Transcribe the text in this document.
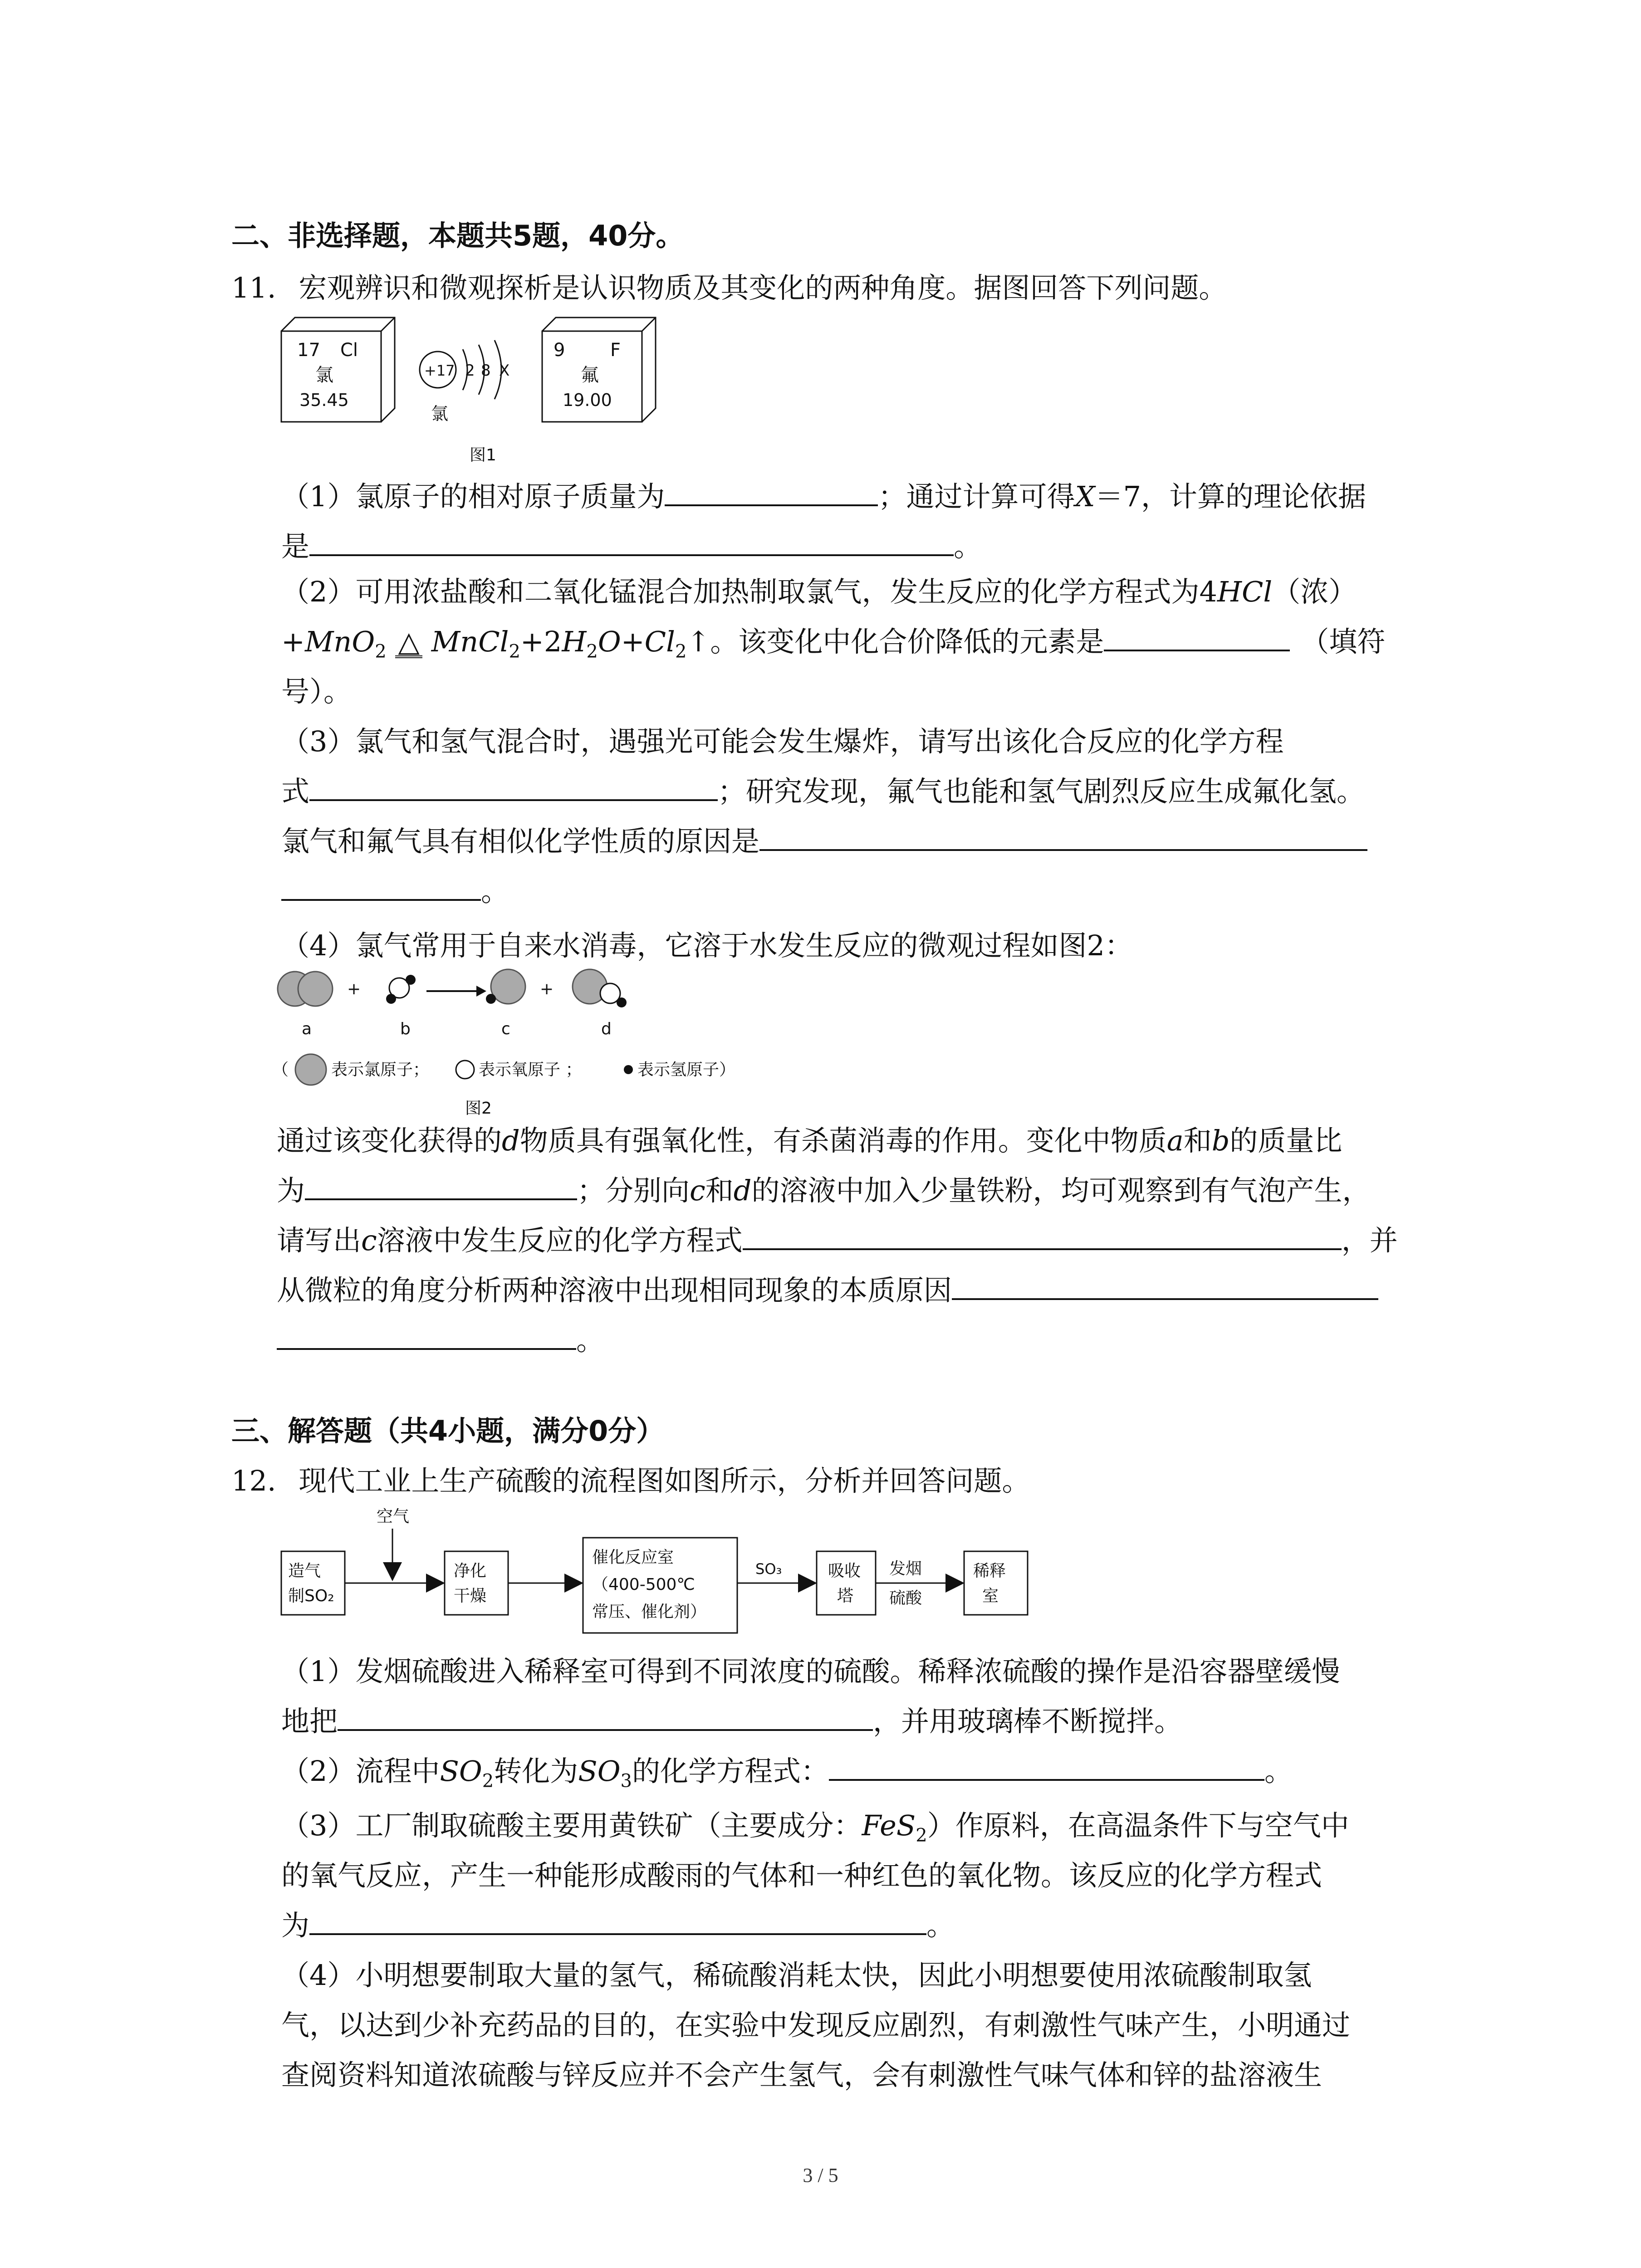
二、非选择题，本题共5题，40分。
11. 宏观辨识和微观探析是认识物质及其变化的两种角度。据图回答下列问题。
17 Cl
氯
35.45
+17 2 8 X
氯
9 F
氟
19.00
图1
（1）氯原子的相对原子质量为	；通过计算可得X＝7，计算的理论依据
是	。
（2）可用浓盐酸和二氧化锰混合加热制取氯气，发生反应的化学方程式为4HCl（浓）
+MnO$_2$ △ $MnCl_2+2H_2O+Cl_2↑$。该变化中化合价降低的元素是	（填符
号）。
（3）氯气和氢气混合时，遇强光可能会发生爆炸，请写出该化合反应的化学方程
式	；研究发现，氟气也能和氢气剧烈反应生成氟化氢。
氯气和氟气具有相似化学性质的原因是
。
（4）氯气常用于自来水消毒，它溶于水发生反应的微观过程如图2：
+	+
a	b	c	d
（	表示氯原子；	表示氧原子 ；	表示氢原子）
图2
通过该变化获得的d物质具有强氧化性，有杀菌消毒的作用。变化中物质a和b的质量比
为	；分别向c和d的溶液中加入少量铁粉，均可观察到有气泡产生，
请写出c溶液中发生反应的化学方程式	，并
从微粒的角度分析两种溶液中出现相同现象的本质原因
。
三、解答题（共4小题，满分0分）
12. 现代工业上生产硫酸的流程图如图所示，分析并回答问题。
造气
制SO₂
空气
净化
干燥
催化反应室
（400-500℃
常压、催化剂）
SO₃	吸收
塔
发烟
硫酸
稀释
室
（1）发烟硫酸进入稀释室可得到不同浓度的硫酸。稀释浓硫酸的操作是沿容器壁缓慢
地把	，并用玻璃棒不断搅拌。
（2）流程中$SO_2$转化为$SO_3$的化学方程式：	。
（3）工厂制取硫酸主要用黄铁矿（主要成分：FeS$_2$）作原料，在高温条件下与空气中
的氧气反应，产生一种能形成酸雨的气体和一种红色的氧化物。该反应的化学方程式
为	。
（4）小明想要制取大量的氢气，稀硫酸消耗太快，因此小明想要使用浓硫酸制取氢
气，以达到少补充药品的目的，在实验中发现反应剧烈，有刺激性气味产生，小明通过
查阅资料知道浓硫酸与锌反应并不会产生氢气，会有刺激性气味气体和锌的盐溶液生
3 / 5
